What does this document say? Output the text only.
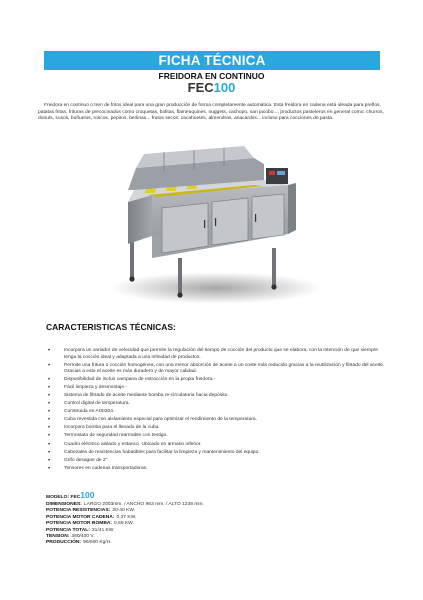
FICHA TÉCNICA
FREIDORA EN CONTINUO
FEC100

Freidora en continuo o tren de fritos ideal para una gran producción de forma completamente automática. Esta freidora en cadena está ideada para preflos, patatas fritas, frituras de precocinados como croquetas, bolitas, flamenquines, nuggets, cachopo, san jacobo..., productos pasteleros en general como: churros, donuts, susos, buñuelos, roscos, pepitos, berlinas... frutos secos: cacahuetes, almendras, anacardos... incluso para cocciones de pasta.

CARACTERISTICAS TÉCNICAS:
•	Incorpora un variador de velocidad que permite la regulación del tiempo de cocción del producto que se elabora, con la intención de que siempre tenga la cocción ideal y adaptada a una infinidad de productos.
•	Permite una fritura o cocción homogénea, con una menor absorción de aceite a un coste más reducido gracias a la reutilización y filtrado del aceite. Gracias a esto el aceite es más duradero y de mayor calidad.
•	Disponibilidad de incluir campana de extracción en la propia freidora.-
•	Fácil limpieza y desmontaje.-
•	Sistema de filtrado de aceite mediante bomba re-circulatoria hacia depósito.
•	Control digital de temperatura.
•	Construida en AISI304.
•	Cuba revestida con aislamiento especial para optimizar el rendimiento de la temperatura.
•	Incorpora bomba para el llenado de la cuba.
•	Termostato de seguridad rearmable con testigo.
•	Cuadro eléctrico aislado y estanco. Ubicado en armario inferior.
•	Cabezales de resistencias habatibles para facilitar la limpieza y mantenimiento del equipo.
•	Grifo desagüe de 2".
•	Tensores en cadenas transportadoras.
MODELO: FEC100
DIMENSIONES: LARGO 2003mm. / ANCHO 953 mm. / ALTO 1238 mm.
POTENCIA RESISTENCIAS: 30-40 KW.
POTENCIA MOTOR CADENA: 0,37 KW.
POTENCIA MOTOR BOMBA: 0,55 KW.
POTENCIA TOTAL: 31/41 KW
TENSION: 380/400 V.
PRODUCCIÓN: 90/600 Kg/H.
